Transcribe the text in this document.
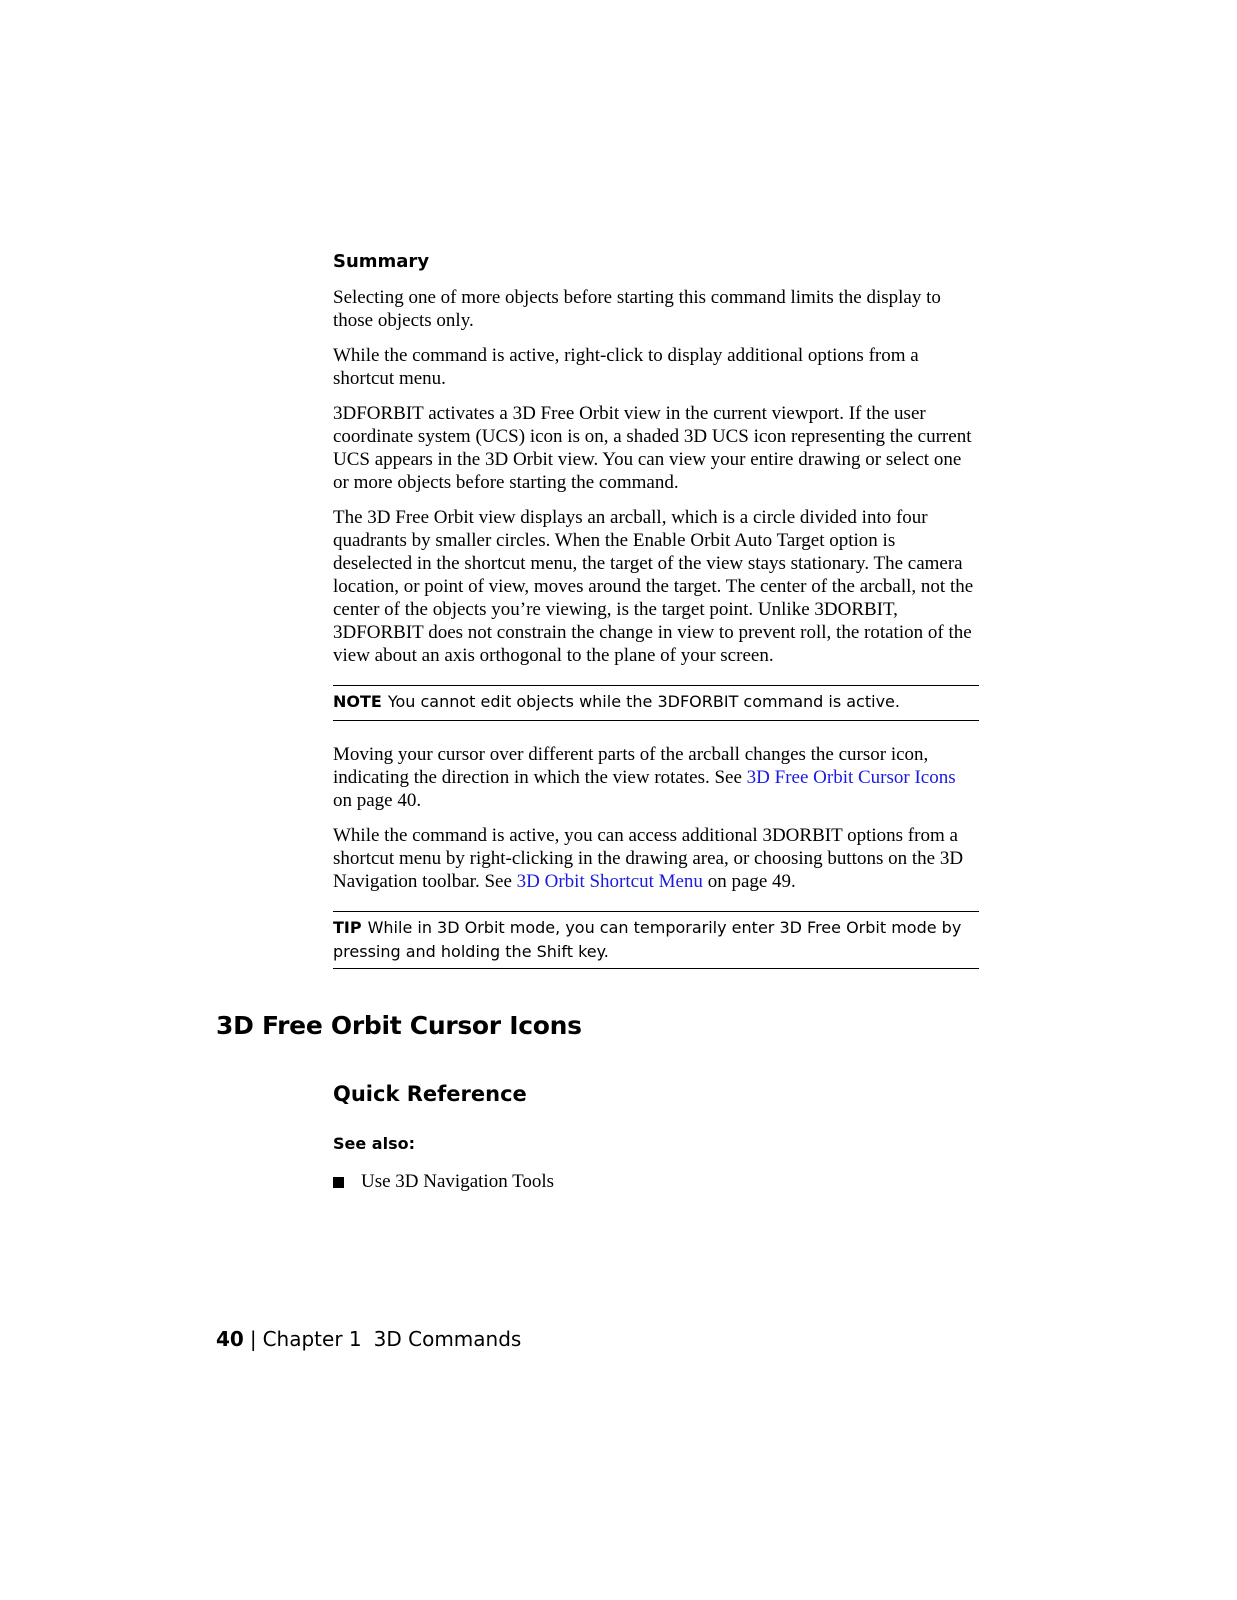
Summary

Selecting one of more objects before starting this command limits the display to those objects only.

While the command is active, right-click to display additional options from a shortcut menu.

3DFORBIT activates a 3D Free Orbit view in the current viewport. If the user coordinate system (UCS) icon is on, a shaded 3D UCS icon representing the current UCS appears in the 3D Orbit view. You can view your entire drawing or select one or more objects before starting the command.

The 3D Free Orbit view displays an arcball, which is a circle divided into four quadrants by smaller circles. When the Enable Orbit Auto Target option is deselected in the shortcut menu, the target of the view stays stationary. The camera location, or point of view, moves around the target. The center of the arcball, not the center of the objects you’re viewing, is the target point. Unlike 3DORBIT, 3DFORBIT does not constrain the change in view to prevent roll, the rotation of the view about an axis orthogonal to the plane of your screen.

NOTE You cannot edit objects while the 3DFORBIT command is active.

Moving your cursor over different parts of the arcball changes the cursor icon, indicating the direction in which the view rotates. See 3D Free Orbit Cursor Icons on page 40.

While the command is active, you can access additional 3DORBIT options from a shortcut menu by right-clicking in the drawing area, or choosing buttons on the 3D Navigation toolbar. See 3D Orbit Shortcut Menu on page 49.

TIP While in 3D Orbit mode, you can temporarily enter 3D Free Orbit mode by pressing and holding the Shift key.
3D Free Orbit Cursor Icons
Quick Reference
See also:
Use 3D Navigation Tools
40 | Chapter 1 3D Commands
